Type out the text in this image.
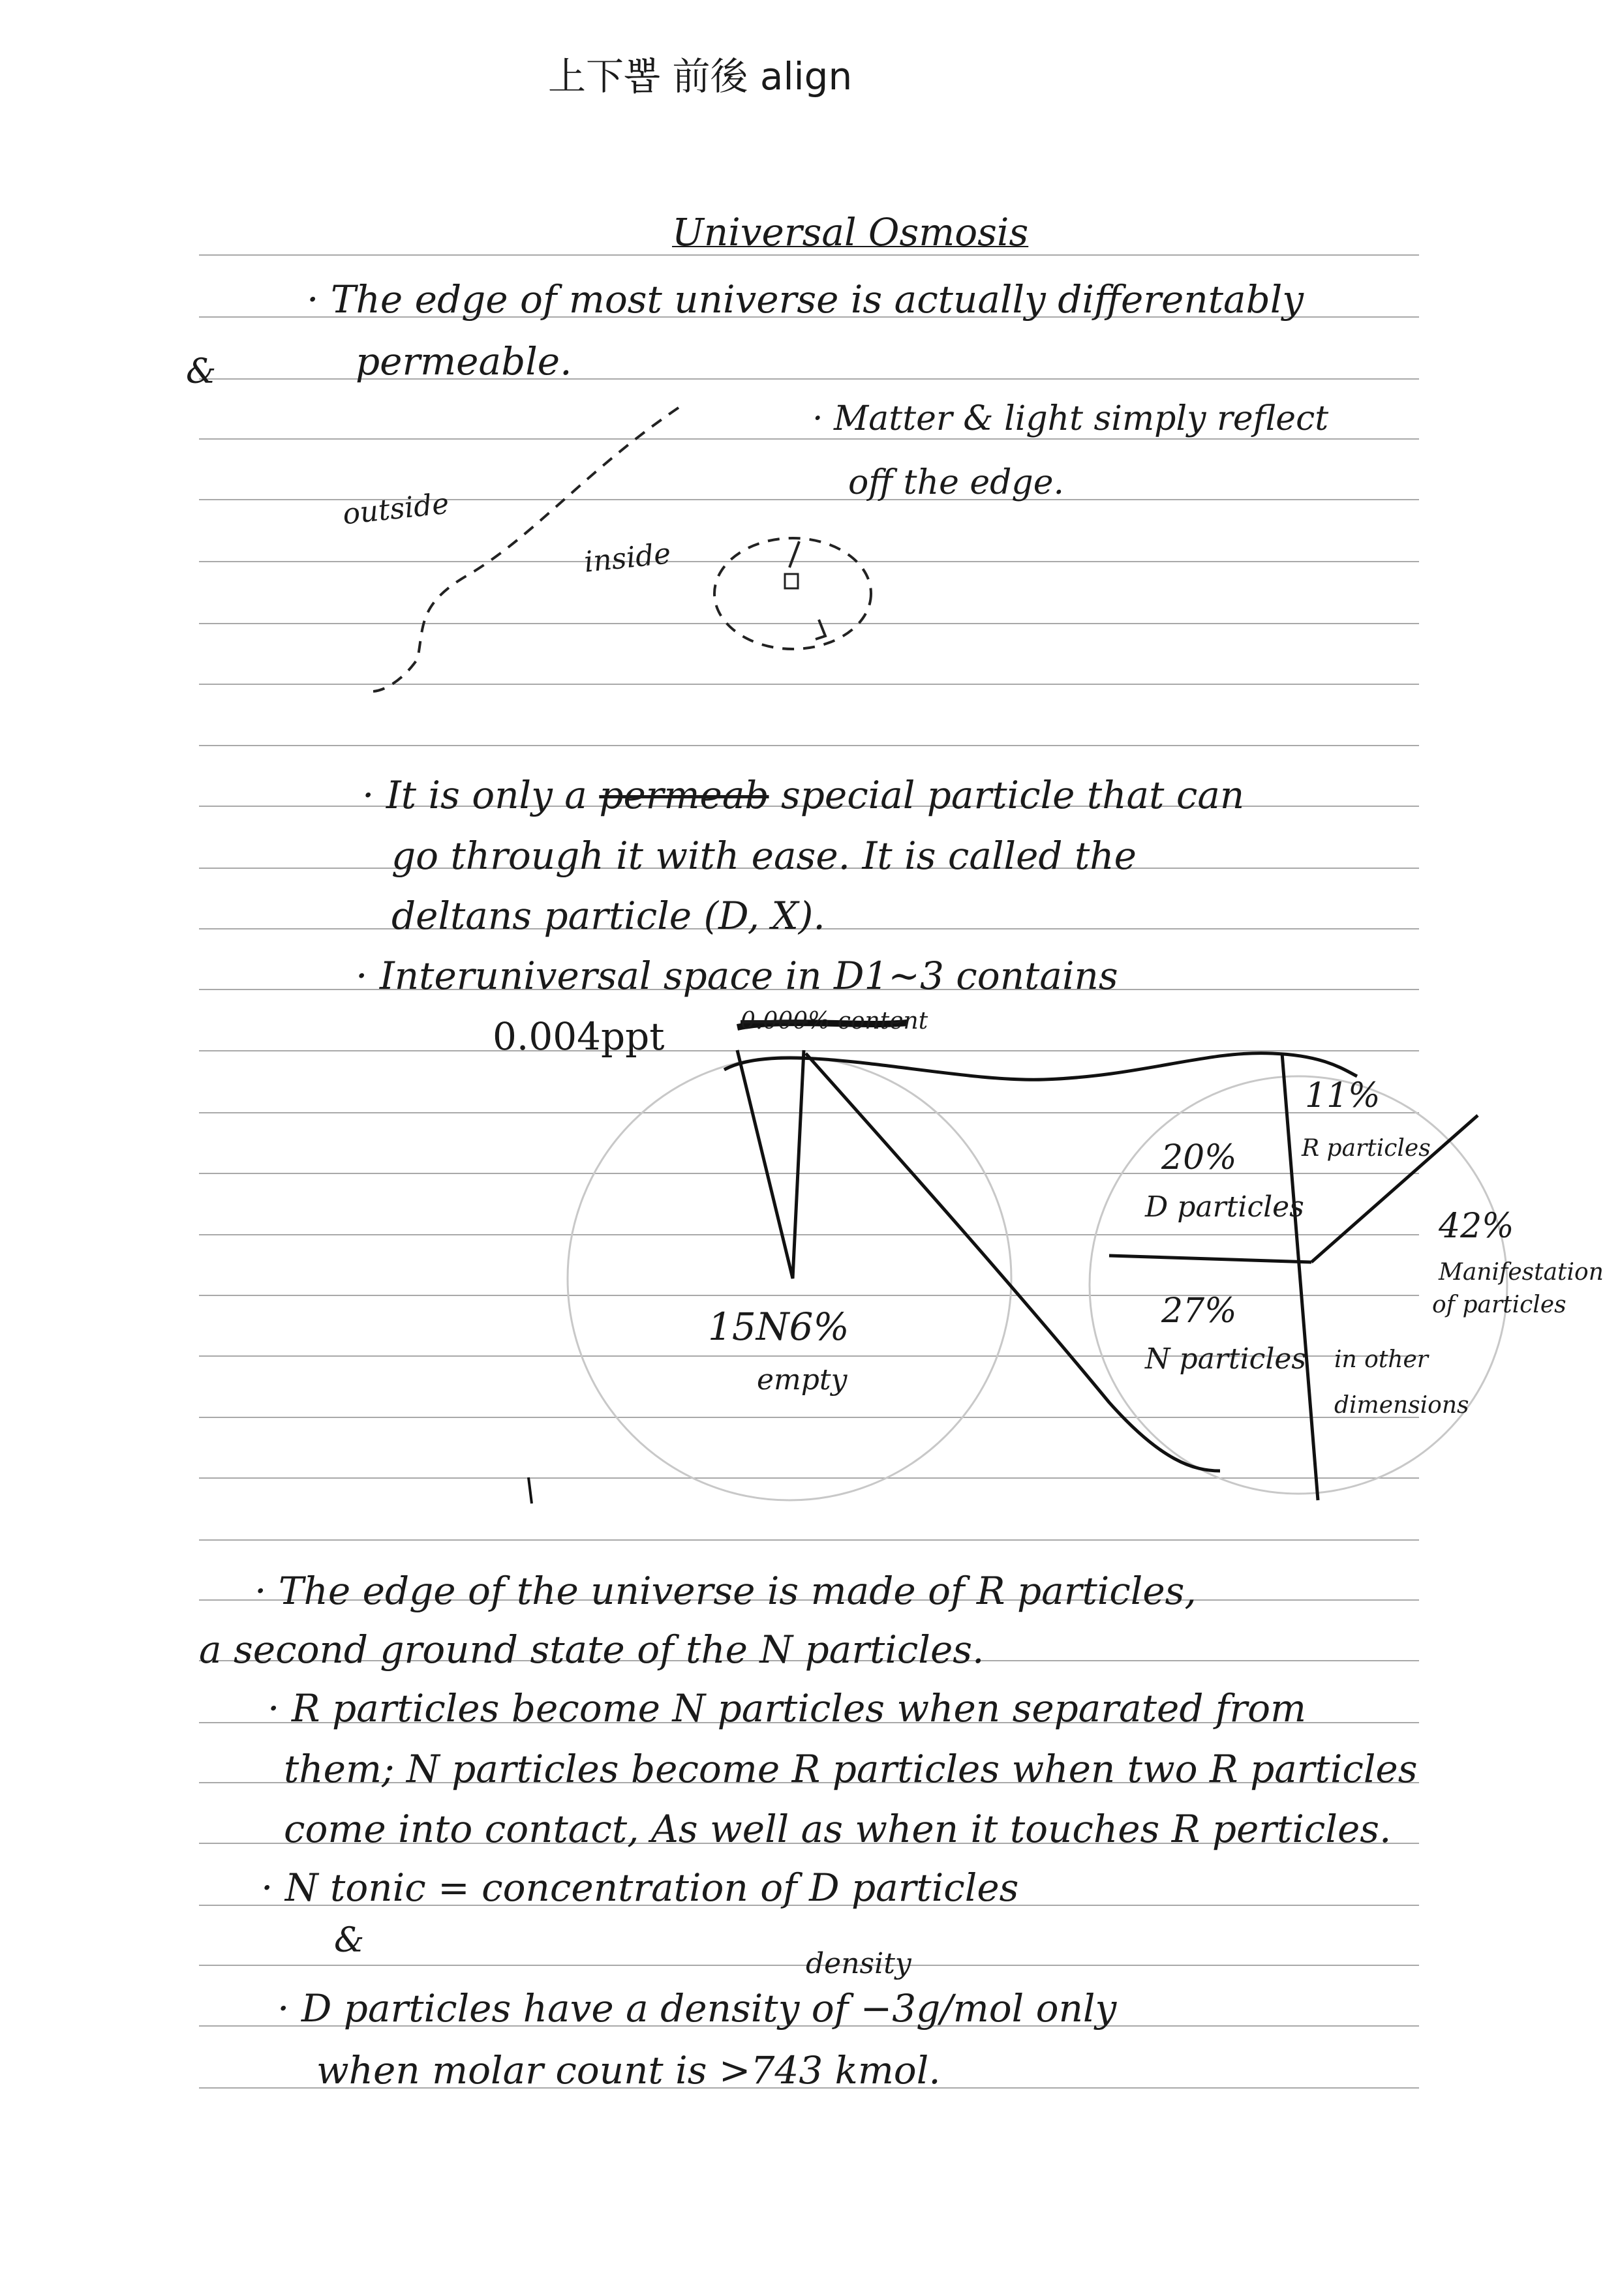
上下뽑 前後 align
Universal Osmosis
&
· The edge of most universe is actually differentably
permeable.
· Matter & light simply reflect
off the edge.
outside
inside
· It is only a permeab special particle that can
go through it with ease. It is called the
deltans particle (D, X).
· Interuniversal space in D1~3 contains
0.004ppt	0.000% content
15N6%
empty
27%
N particles
20%
D particles
11%
R particles
42%
Manifestation
of particles
in other dimensions
· The edge of the universe is made of R particles,
a second ground state of the N particles.
· R particles become N particles when separated from
them; N particles become R particles when two R particles
come into contact, As well as when it touches R perticles.
· N tonic = concentration of D particles
&
density
· D particles have a density of −3g/mol only
when molar count is >743 kmol.
